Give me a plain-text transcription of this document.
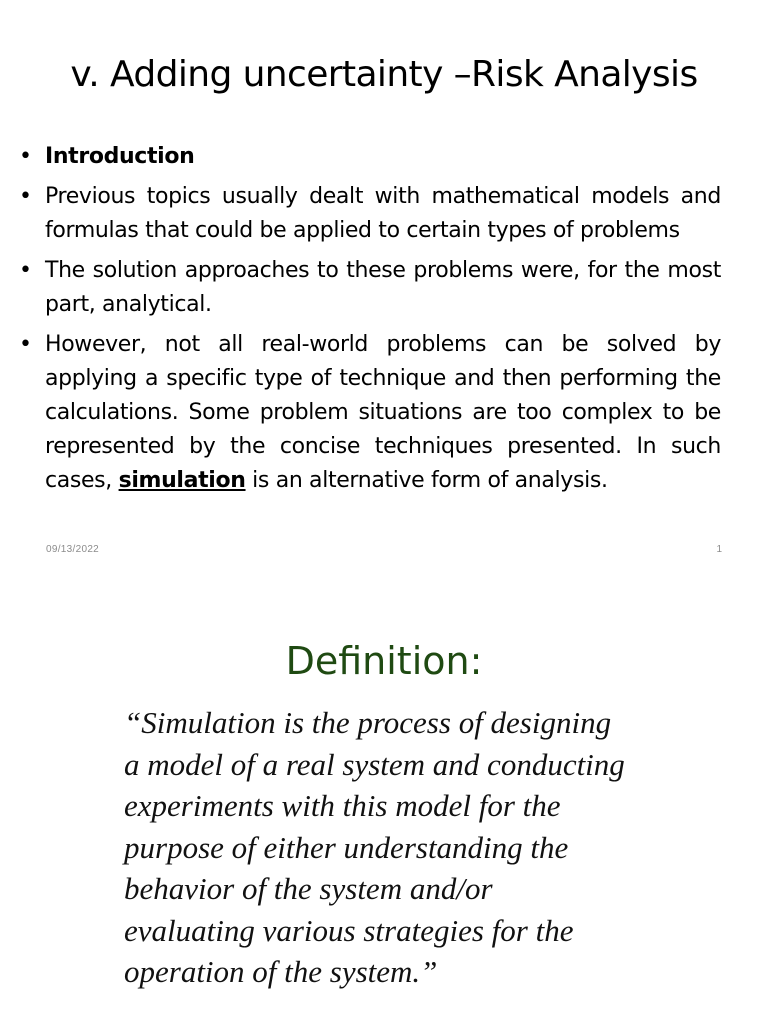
v. Adding uncertainty –Risk Analysis
• Introduction
• Previous topics usually dealt with mathematical models and formulas that could be applied to certain types of problems
• The solution approaches to these problems were, for the most part, analytical.
• However, not all real-world problems can be solved by applying a specific type of technique and then performing the calculations. Some problem situations are too complex to be represented by the concise techniques presented. In such cases, simulation is an alternative form of analysis.
09/13/2022	1
Definition:
“Simulation is the process of designing
a model of a real system and conducting
experiments with this model for the
purpose of either understanding the
behavior of the system and/or
evaluating various strategies for the
operation of the system.”
